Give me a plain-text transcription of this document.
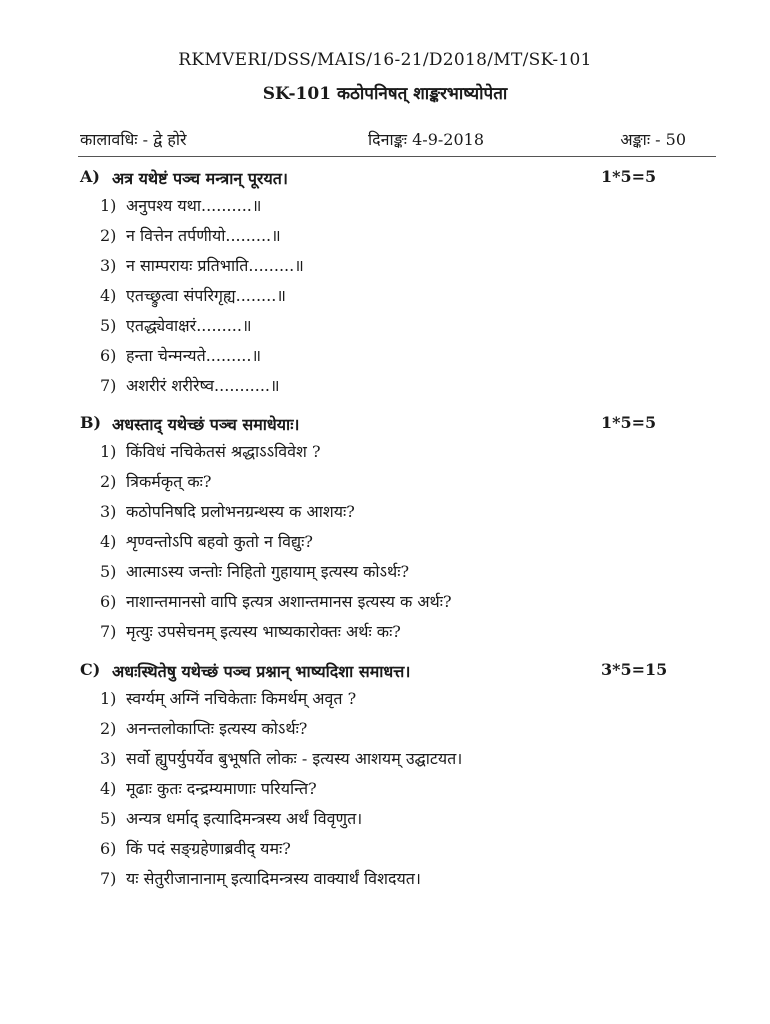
RKMVERI/DSS/MAIS/16-21/D2018/MT/SK-101
SK-101 कठोपनिषत् शाङ्करभाष्योपेता
कालावधिः - द्वे होरे	दिनाङ्कः 4-9-2018	अङ्काः - 50
A) अत्र यथेष्टं पञ्च मन्त्रान् पूरयत।	1*5=5
1) अनुपश्य यथा..........॥
2) न वित्तेन तर्पणीयो.........॥
3) न साम्परायः प्रतिभाति.........॥
4) एतच्छ्रुत्वा संपरिगृह्य........॥
5) एतद्ध्येवाक्षरं.........॥
6) हन्ता चेन्मन्यते.........॥
7) अशरीरं शरीरेष्व...........॥
B) अधस्ताद् यथेच्छं पञ्च समाधेयाः।	1*5=5
1) किंविधं नचिकेतसं श्रद्धाऽऽविवेश ?
2) त्रिकर्मकृत् कः?
3) कठोपनिषदि प्रलोभनग्रन्थस्य क आशयः?
4) शृण्वन्तोऽपि बहवो कुतो न विद्युः?
5) आत्माऽस्य जन्तोः निहितो गुहायाम् इत्यस्य कोऽर्थः?
6) नाशान्तमानसो वापि इत्यत्र अशान्तमानस इत्यस्य क अर्थः?
7) मृत्युः उपसेचनम् इत्यस्य भाष्यकारोक्तः अर्थः कः?
C) अधःस्थितेषु यथेच्छं पञ्च प्रश्नान् भाष्यदिशा समाधत्त।	3*5=15
1) स्वर्ग्यम् अग्निं नचिकेताः किमर्थम् अवृत ?
2) अनन्तलोकाप्तिः इत्यस्य कोऽर्थः?
3) सर्वो ह्युपर्युपर्येव बुभूषति लोकः - इत्यस्य आशयम् उद्घाटयत।
4) मूढाः कुतः दन्द्रम्यमाणाः परियन्ति?
5) अन्यत्र धर्माद् इत्यादिमन्त्रस्य अर्थं विवृणुत।
6) किं पदं सङ्ग्रहेणाब्रवीद् यमः?
7) यः सेतुरीजानानाम् इत्यादिमन्त्रस्य वाक्यार्थं विशदयत।
